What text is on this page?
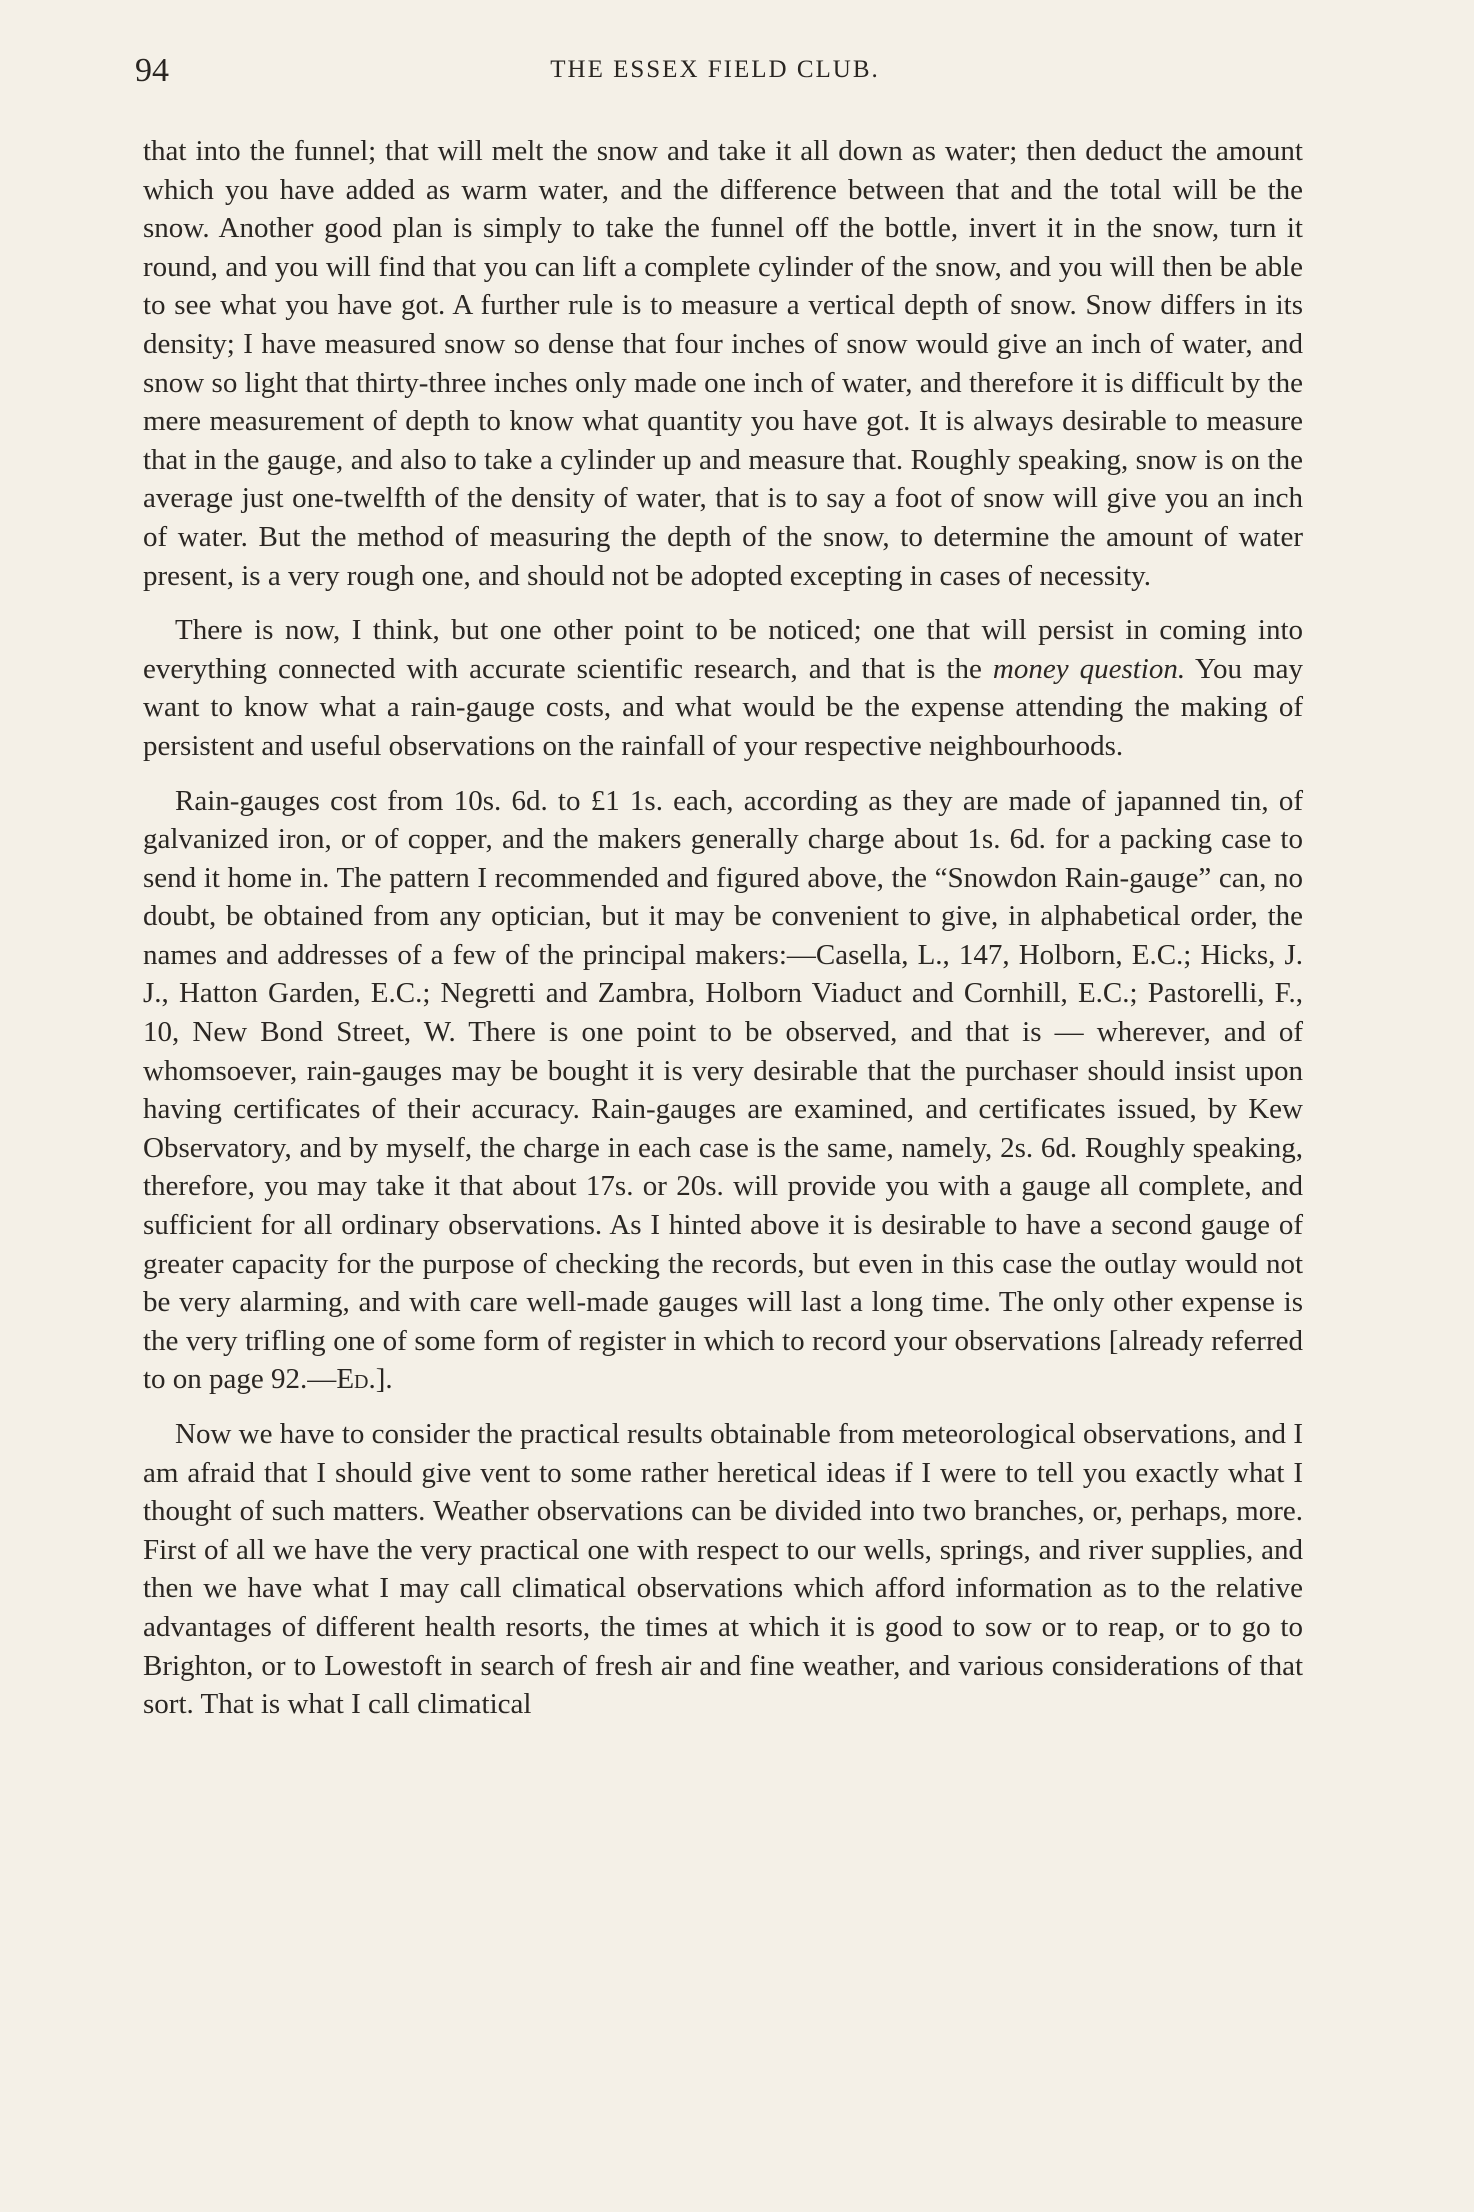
94	THE ESSEX FIELD CLUB.

that into the funnel; that will melt the snow and take it all down as water; then deduct the amount which you have added as warm water, and the difference between that and the total will be the snow. Another good plan is simply to take the funnel off the bottle, invert it in the snow, turn it round, and you will find that you can lift a complete cylinder of the snow, and you will then be able to see what you have got. A further rule is to measure a vertical depth of snow. Snow differs in its density; I have measured snow so dense that four inches of snow would give an inch of water, and snow so light that thirty-three inches only made one inch of water, and therefore it is difficult by the mere measurement of depth to know what quantity you have got. It is always desirable to measure that in the gauge, and also to take a cylinder up and measure that. Roughly speaking, snow is on the average just one-twelfth of the density of water, that is to say a foot of snow will give you an inch of water. But the method of measuring the depth of the snow, to determine the amount of water present, is a very rough one, and should not be adopted excepting in cases of necessity.

There is now, I think, but one other point to be noticed; one that will persist in coming into everything connected with accurate scientific research, and that is the money question. You may want to know what a rain-gauge costs, and what would be the expense attending the making of persistent and useful observations on the rainfall of your respective neighbourhoods.

Rain-gauges cost from 10s. 6d. to £1 1s. each, according as they are made of japanned tin, of galvanized iron, or of copper, and the makers generally charge about 1s. 6d. for a packing case to send it home in. The pattern I recommended and figured above, the “Snowdon Rain-gauge” can, no doubt, be obtained from any optician, but it may be convenient to give, in alphabetical order, the names and addresses of a few of the principal makers:—Casella, L., 147, Holborn, E.C.; Hicks, J. J., Hatton Garden, E.C.; Negretti and Zambra, Holborn Viaduct and Cornhill, E.C.; Pastorelli, F., 10, New Bond Street, W. There is one point to be observed, and that is — wherever, and of whomsoever, rain-gauges may be bought it is very desirable that the purchaser should insist upon having certificates of their accuracy. Rain-gauges are examined, and certificates issued, by Kew Observatory, and by myself, the charge in each case is the same, namely, 2s. 6d. Roughly speaking, therefore, you may take it that about 17s. or 20s. will provide you with a gauge all complete, and sufficient for all ordinary observations. As I hinted above it is desirable to have a second gauge of greater capacity for the purpose of checking the records, but even in this case the outlay would not be very alarming, and with care well-made gauges will last a long time. The only other expense is the very trifling one of some form of register in which to record your observations [already referred to on page 92.—Ed.].

Now we have to consider the practical results obtainable from meteorological observations, and I am afraid that I should give vent to some rather heretical ideas if I were to tell you exactly what I thought of such matters. Weather observations can be divided into two branches, or, perhaps, more. First of all we have the very practical one with respect to our wells, springs, and river supplies, and then we have what I may call climatical observations which afford information as to the relative advantages of different health resorts, the times at which it is good to sow or to reap, or to go to Brighton, or to Lowestoft in search of fresh air and fine weather, and various considerations of that sort. That is what I call climatical
